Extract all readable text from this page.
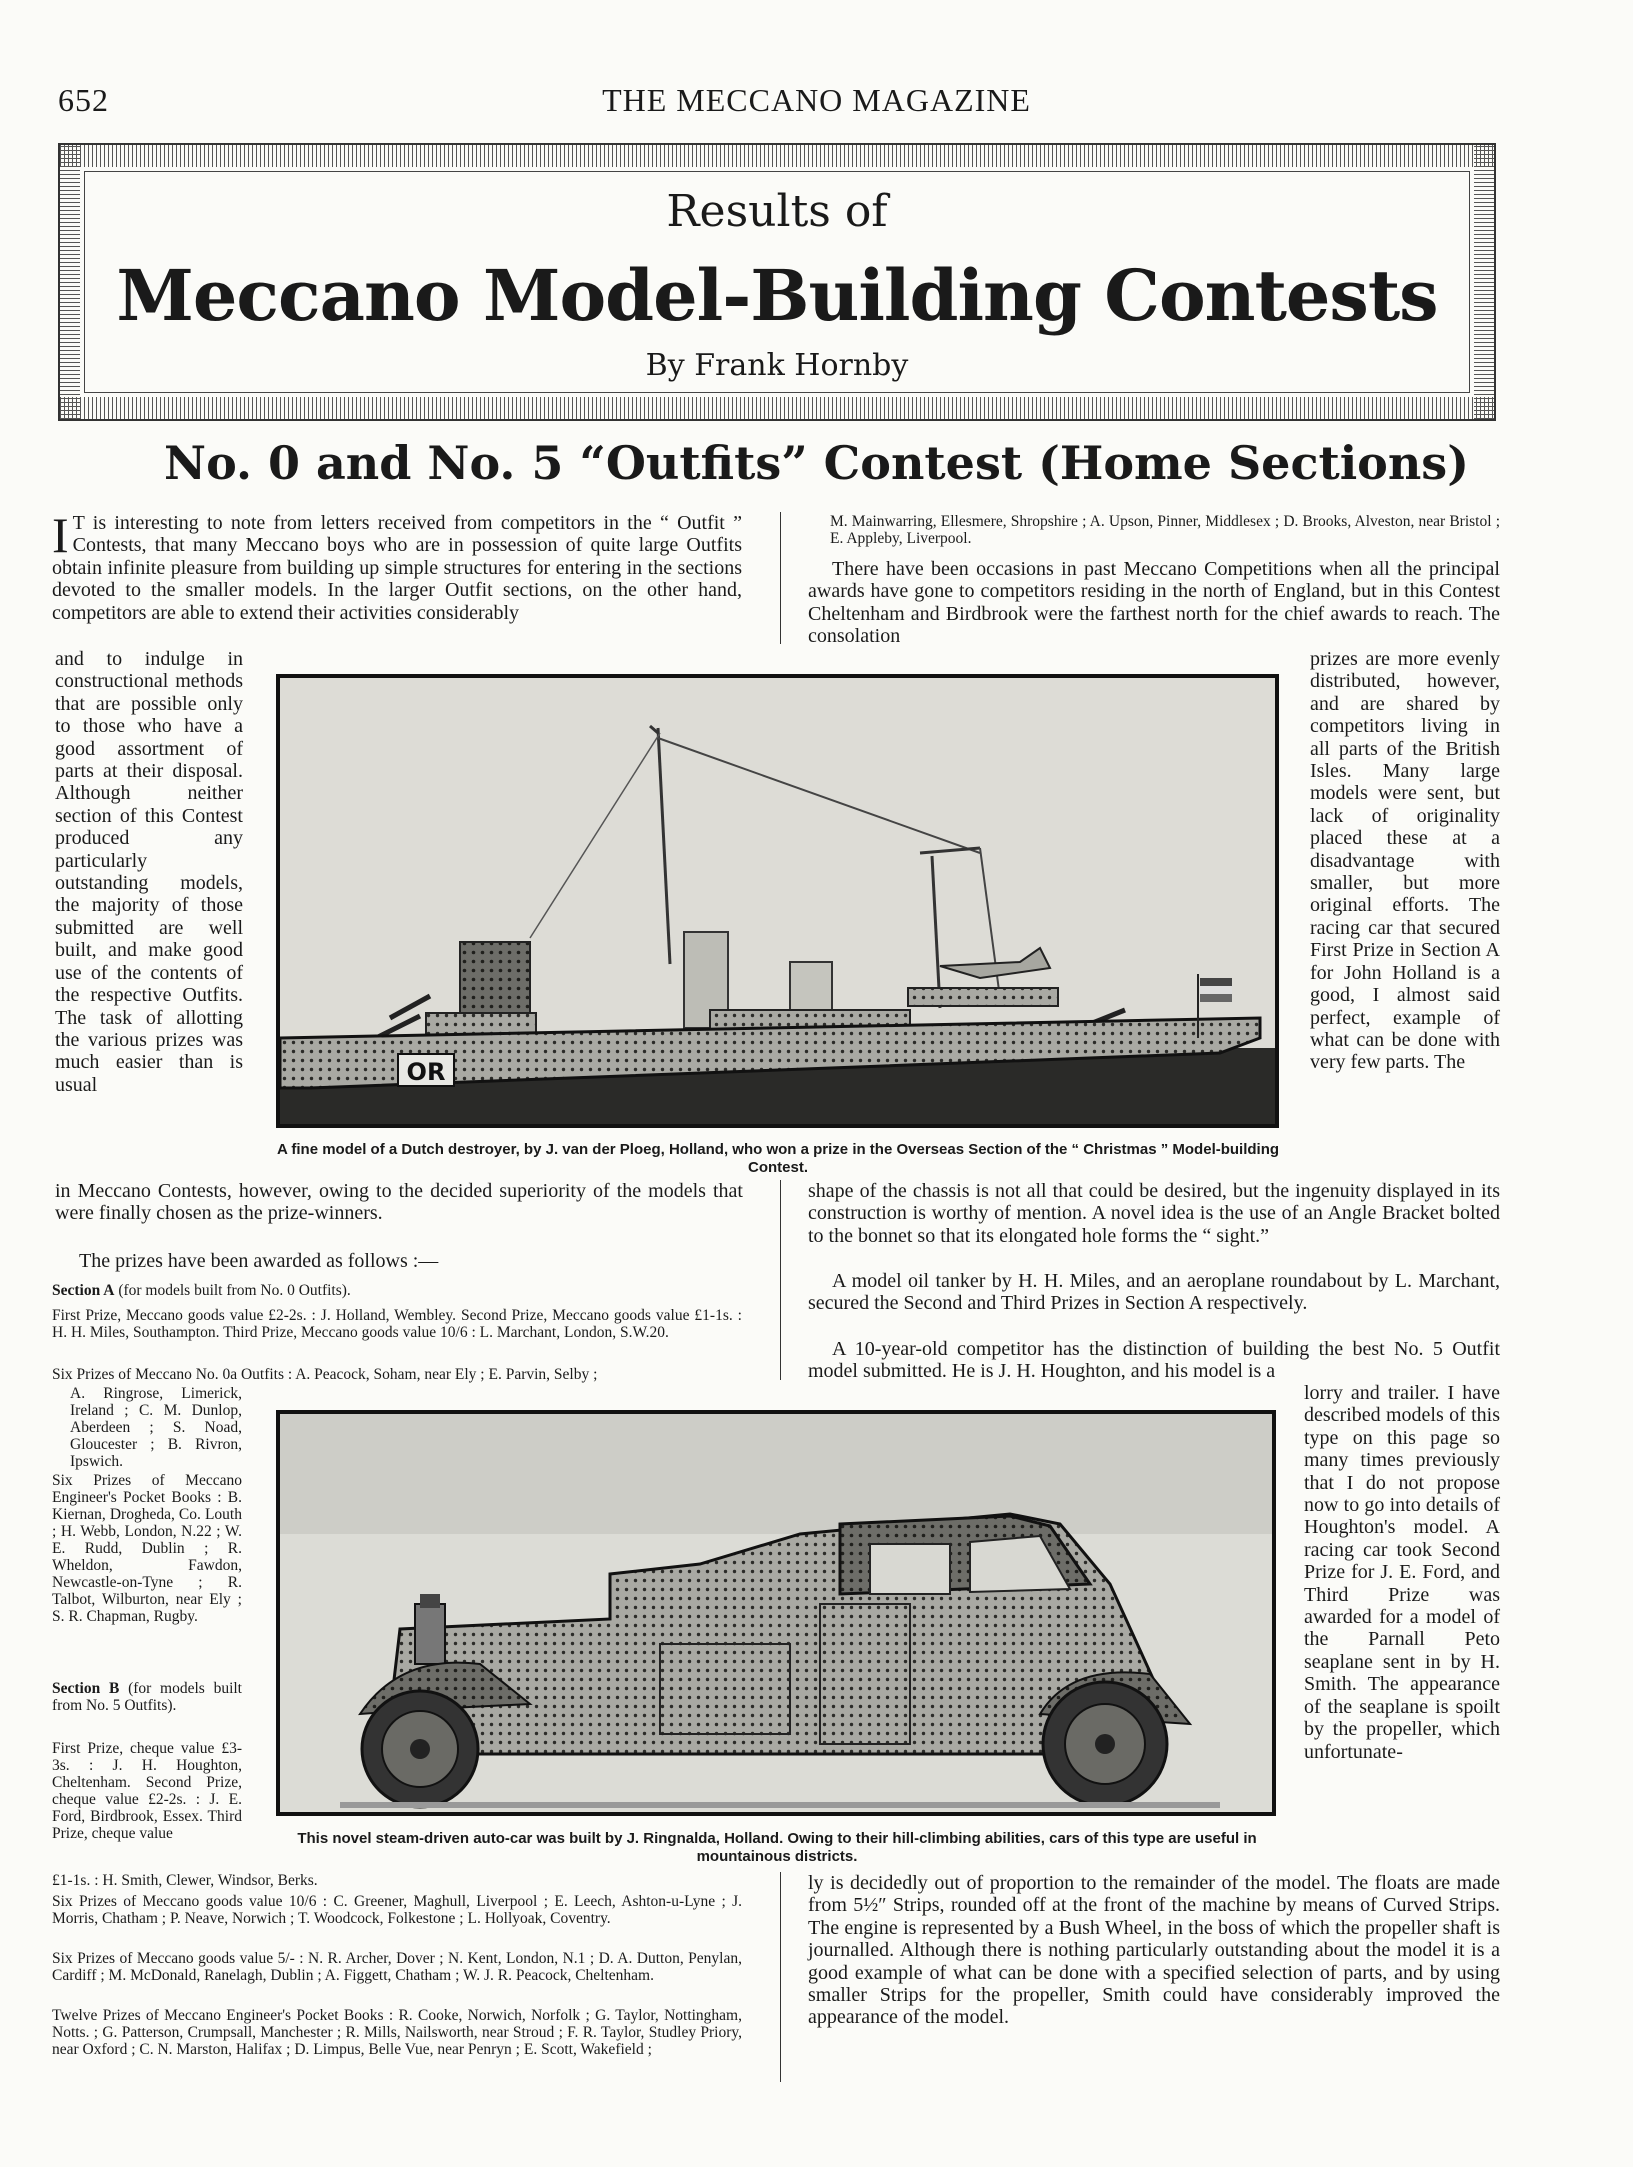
652	THE MECCANO MAGAZINE
Results of
Meccano Model-Building Contests
By Frank Hornby
No. 0 and No. 5 “Outfits” Contest (Home Sections)
I T is interesting to note from letters received from competitors in the “ Outfit ” Contests, that many Meccano boys who are in possession of quite large Outfits obtain infinite pleasure from building up simple structures for entering in the sections devoted to the smaller models. In the larger Outfit sections, on the other hand, competitors are able to extend their activities considerably
and to indulge in constructional methods that are possible only to those who have a good assortment of parts at their disposal. Although neither section of this Contest produced any particularly outstanding models, the majority of those submitted are well built, and make good use of the contents of the respective Outfits. The task of allotting the various prizes was much easier than is usual
M. Mainwarring, Ellesmere, Shropshire ; A. Upson, Pinner, Middlesex ; D. Brooks, Alveston, near Bristol ; E. Appleby, Liverpool.
There have been occasions in past Meccano Competitions when all the principal awards have gone to competitors residing in the north of England, but in this Contest Cheltenham and Birdbrook were the farthest north for the chief awards to reach. The consolation
prizes are more evenly distributed, however, and are shared by competitors living in all parts of the British Isles. Many large models were sent, but lack of originality placed these at a disadvantage with smaller, but more original efforts. The racing car that secured First Prize in Section A for John Holland is a good, I almost said perfect, example of what can be done with very few parts. The
OR
A fine model of a Dutch destroyer, by J. van der Ploeg, Holland, who won a prize in the Overseas Section of the “ Christmas ” Model-building Contest.
in Meccano Contests, however, owing to the decided superiority of the models that were finally chosen as the prize-winners.
The prizes have been awarded as follows :—
Section A (for models built from No. 0 Outfits).
First Prize, Meccano goods value £2-2s. : J. Holland, Wembley. Second Prize, Meccano goods value £1-1s. : H. H. Miles, Southampton. Third Prize, Meccano goods value 10/6 : L. Marchant, London, S.W.20.
Six Prizes of Meccano No. 0a Outfits : A. Peacock, Soham, near Ely ; E. Parvin, Selby ;
A. Ringrose, Limerick, Ireland ; C. M. Dunlop, Aberdeen ; S. Noad, Gloucester ; B. Rivron, Ipswich.
Six Prizes of Meccano Engineer's Pocket Books : B. Kiernan, Drogheda, Co. Louth ; H. Webb, London, N.22 ; W. E. Rudd, Dublin ; R. Wheldon, Fawdon, Newcastle-on-Tyne ; R. Talbot, Wilburton, near Ely ; S. R. Chapman, Rugby.
Section B (for models built from No. 5 Outfits).
First Prize, cheque value £3-3s. : J. H. Houghton, Cheltenham. Second Prize, cheque value £2-2s. : J. E. Ford, Birdbrook, Essex. Third Prize, cheque value
£1-1s. : H. Smith, Clewer, Windsor, Berks.
Six Prizes of Meccano goods value 10/6 : C. Greener, Maghull, Liverpool ; E. Leech, Ashton-u-Lyne ; J. Morris, Chatham ; P. Neave, Norwich ; T. Woodcock, Folkestone ; L. Hollyoak, Coventry.
Six Prizes of Meccano goods value 5/- : N. R. Archer, Dover ; N. Kent, London, N.1 ; D. A. Dutton, Penylan, Cardiff ; M. McDonald, Ranelagh, Dublin ; A. Figgett, Chatham ; W. J. R. Peacock, Cheltenham.
Twelve Prizes of Meccano Engineer's Pocket Books : R. Cooke, Norwich, Norfolk ; G. Taylor, Nottingham, Notts. ; G. Patterson, Crumpsall, Manchester ; R. Mills, Nailsworth, near Stroud ; F. R. Taylor, Studley Priory, near Oxford ; C. N. Marston, Halifax ; D. Limpus, Belle Vue, near Penryn ; E. Scott, Wakefield ;
shape of the chassis is not all that could be desired, but the ingenuity displayed in its construction is worthy of mention. A novel idea is the use of an Angle Bracket bolted to the bonnet so that its elongated hole forms the “ sight.”
A model oil tanker by H. H. Miles, and an aeroplane roundabout by L. Marchant, secured the Second and Third Prizes in Section A respectively.
A 10-year-old competitor has the distinction of building the best No. 5 Outfit model submitted. He is J. H. Houghton, and his model is a
lorry and trailer. I have described models of this type on this page so many times previously that I do not propose now to go into details of Houghton's model. A racing car took Second Prize for J. E. Ford, and Third Prize was awarded for a model of the Parnall Peto seaplane sent in by H. Smith. The appearance of the seaplane is spoilt by the propeller, which unfortunate-
This novel steam-driven auto-car was built by J. Ringnalda, Holland. Owing to their hill-climbing abilities, cars of this type are useful in mountainous districts.
ly is decidedly out of proportion to the remainder of the model. The floats are made from 5½″ Strips, rounded off at the front of the machine by means of Curved Strips. The engine is represented by a Bush Wheel, in the boss of which the propeller shaft is journalled. Although there is nothing particularly outstanding about the model it is a good example of what can be done with a specified selection of parts, and by using smaller Strips for the propeller, Smith could have considerably improved the appearance of the model.
